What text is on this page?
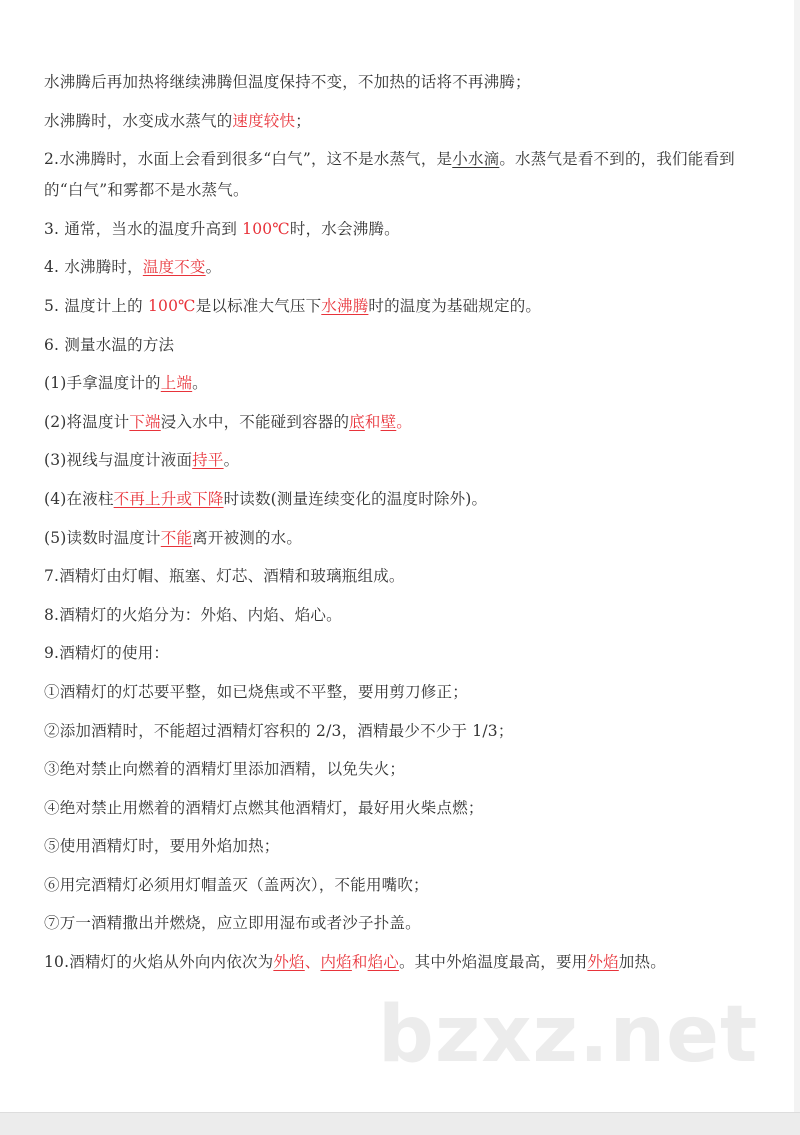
水沸腾后再加热将继续沸腾但温度保持不变，不加热的话将不再沸腾；

水沸腾时，水变成水蒸气的速度较快；

2.水沸腾时，水面上会看到很多“白气”，这不是水蒸气，是小水滴。水蒸气是看不到的，我们能看到的“白气”和雾都不是水蒸气。

3. 通常，当水的温度升高到 100℃时，水会沸腾。

4. 水沸腾时，温度不变。

5. 温度计上的 100℃是以标准大气压下水沸腾时的温度为基础规定的。

6. 测量水温的方法

(1)手拿温度计的上端。

(2)将温度计下端浸入水中，不能碰到容器的底和壁。

(3)视线与温度计液面持平。

(4)在液柱不再上升或下降时读数(测量连续变化的温度时除外)。

(5)读数时温度计不能离开被测的水。

7.酒精灯由灯帽、瓶塞、灯芯、酒精和玻璃瓶组成。

8.酒精灯的火焰分为：外焰、内焰、焰心。

9.酒精灯的使用：

①酒精灯的灯芯要平整，如已烧焦或不平整，要用剪刀修正；

②添加酒精时，不能超过酒精灯容积的 2/3，酒精最少不少于 1/3；

③绝对禁止向燃着的酒精灯里添加酒精，以免失火；

④绝对禁止用燃着的酒精灯点燃其他酒精灯，最好用火柴点燃；

⑤使用酒精灯时，要用外焰加热；

⑥用完酒精灯必须用灯帽盖灭（盖两次），不能用嘴吹；

⑦万一酒精撒出并燃烧，应立即用湿布或者沙子扑盖。

10.酒精灯的火焰从外向内依次为外焰、内焰和焰心。其中外焰温度最高，要用外焰加热。

bzxz.net
